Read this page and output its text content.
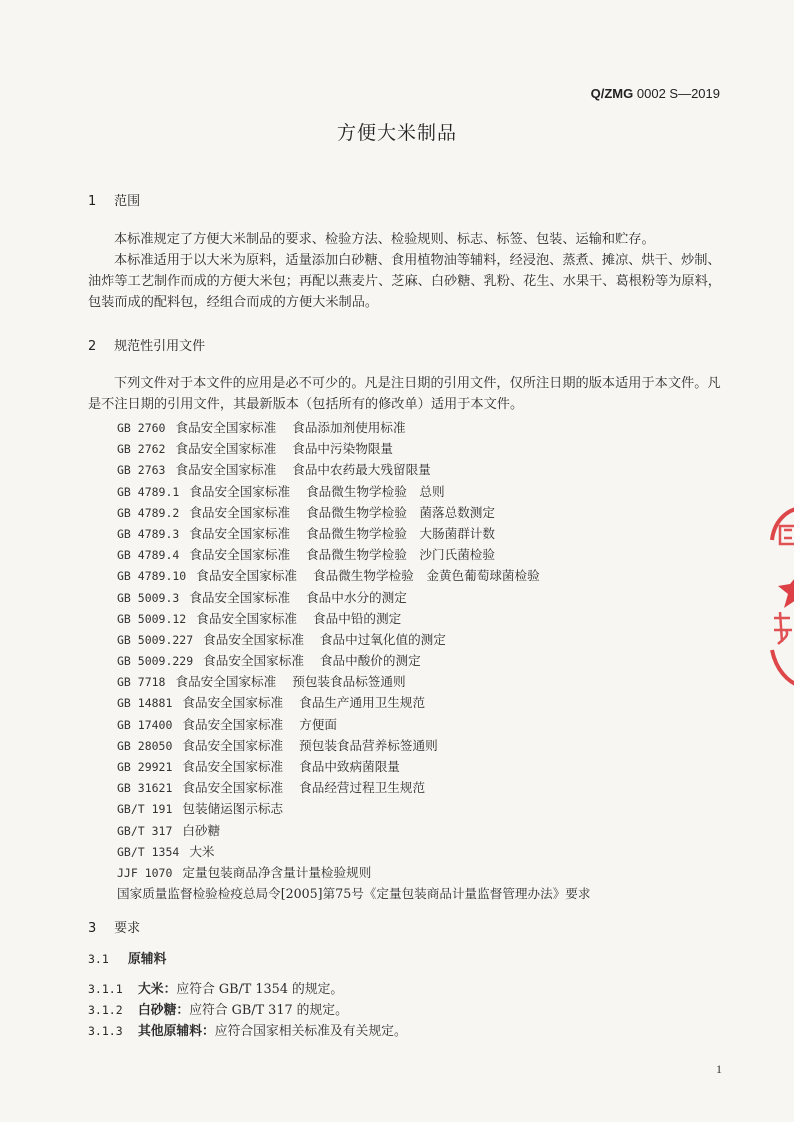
Q/ZMG 0002 S—2019
方便大米制品
1 范围

本标准规定了方便大米制品的要求、检验方法、检验规则、标志、标签、包装、运输和贮存。

本标准适用于以大米为原料，适量添加白砂糖、食用植物油等辅料，经浸泡、蒸煮、摊凉、烘干、炒制、油炸等工艺制作而成的方便大米包；再配以燕麦片、芝麻、白砂糖、乳粉、花生、水果干、葛根粉等为原料，包装而成的配料包，经组合而成的方便大米制品。

2 规范性引用文件

下列文件对于本文件的应用是必不可少的。凡是注日期的引用文件，仅所注日期的版本适用于本文件。凡是不注日期的引用文件，其最新版本（包括所有的修改单）适用于本文件。

GB 2760 食品安全国家标准 食品添加剂使用标准
GB 2762 食品安全国家标准 食品中污染物限量
GB 2763 食品安全国家标准 食品中农药最大残留限量
GB 4789.1 食品安全国家标准 食品微生物学检验　总则
GB 4789.2 食品安全国家标准 食品微生物学检验　菌落总数测定
GB 4789.3 食品安全国家标准 食品微生物学检验　大肠菌群计数
GB 4789.4 食品安全国家标准 食品微生物学检验　沙门氏菌检验
GB 4789.10 食品安全国家标准 食品微生物学检验　金黄色葡萄球菌检验
GB 5009.3 食品安全国家标准 食品中水分的测定
GB 5009.12 食品安全国家标准 食品中铅的测定
GB 5009.227 食品安全国家标准 食品中过氧化值的测定
GB 5009.229 食品安全国家标准 食品中酸价的测定
GB 7718 食品安全国家标准 预包装食品标签通则
GB 14881 食品安全国家标准 食品生产通用卫生规范
GB 17400 食品安全国家标准 方便面
GB 28050 食品安全国家标准 预包装食品营养标签通则
GB 29921 食品安全国家标准 食品中致病菌限量
GB 31621 食品安全国家标准 食品经营过程卫生规范
GB/T 191 包装储运图示标志
GB/T 317 白砂糖
GB/T 1354 大米
JJF 1070 定量包装商品净含量计量检验规则
国家质量监督检验检疫总局令[2005]第75号《定量包装商品计量监督管理办法》要求
3 要求
3.1 原辅料
3.1.1 大米：应符合 GB/T 1354 的规定。
3.1.2 白砂糖：应符合 GB/T 317 的规定。
3.1.3 其他原辅料：应符合国家相关标准及有关规定。
1
